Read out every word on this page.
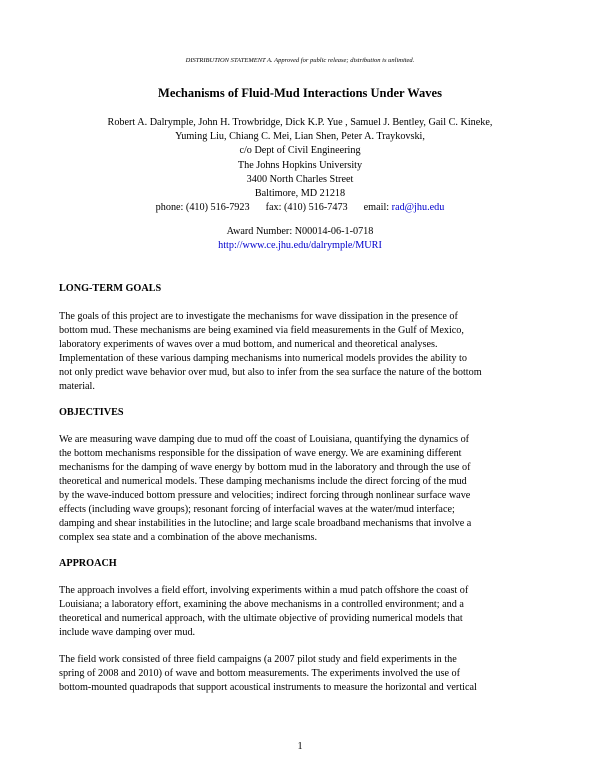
DISTRIBUTION STATEMENT A. Approved for public release; distribution is unlimited.
Mechanisms of Fluid-Mud Interactions Under Waves
Robert A. Dalrymple, John H. Trowbridge, Dick K.P. Yue , Samuel J. Bentley, Gail C. Kineke,
Yuming Liu, Chiang C. Mei, Lian Shen, Peter A. Traykovski,
c/o Dept of Civil Engineering
The Johns Hopkins University
3400 North Charles Street
Baltimore, MD 21218
phone: (410) 516-7923 fax: (410) 516-7473 email: rad@jhu.edu
Award Number: N00014-06-1-0718
http://www.ce.jhu.edu/dalrymple/MURI
LONG-TERM GOALS
The goals of this project are to investigate the mechanisms for wave dissipation in the presence of
bottom mud. These mechanisms are being examined via field measurements in the Gulf of Mexico,
laboratory experiments of waves over a mud bottom, and numerical and theoretical analyses.
Implementation of these various damping mechanisms into numerical models provides the ability to
not only predict wave behavior over mud, but also to infer from the sea surface the nature of the bottom
material.
OBJECTIVES
We are measuring wave damping due to mud off the coast of Louisiana, quantifying the dynamics of
the bottom mechanisms responsible for the dissipation of wave energy. We are examining different
mechanisms for the damping of wave energy by bottom mud in the laboratory and through the use of
theoretical and numerical models. These damping mechanisms include the direct forcing of the mud
by the wave-induced bottom pressure and velocities; indirect forcing through nonlinear surface wave
effects (including wave groups); resonant forcing of interfacial waves at the water/mud interface;
damping and shear instabilities in the lutocline; and large scale broadband mechanisms that involve a
complex sea state and a combination of the above mechanisms.
APPROACH
The approach involves a field effort, involving experiments within a mud patch offshore the coast of
Louisiana; a laboratory effort, examining the above mechanisms in a controlled environment; and a
theoretical and numerical approach, with the ultimate objective of providing numerical models that
include wave damping over mud.
The field work consisted of three field campaigns (a 2007 pilot study and field experiments in the
spring of 2008 and 2010) of wave and bottom measurements. The experiments involved the use of
bottom-mounted quadrapods that support acoustical instruments to measure the horizontal and vertical
1
